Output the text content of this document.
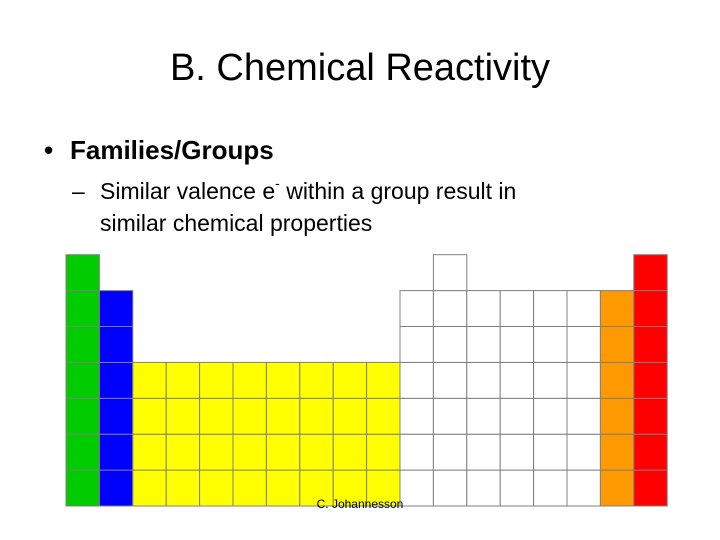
B. Chemical Reactivity
• Families/Groups
– Similar valence e- within a group result in
similar chemical properties
C. Johannesson
